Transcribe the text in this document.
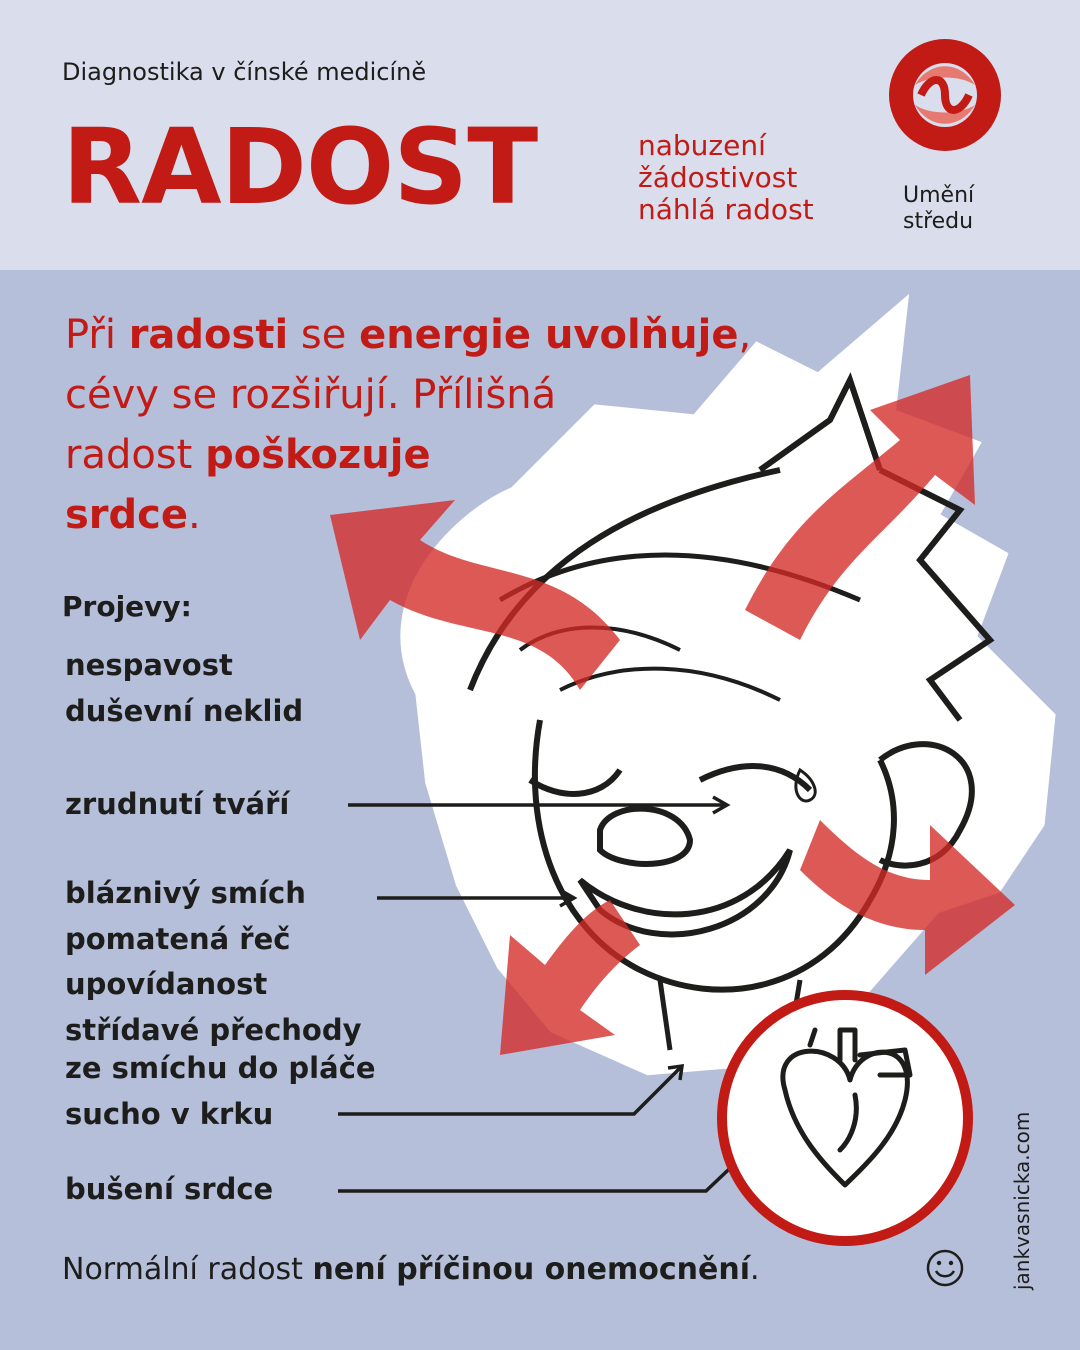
Diagnostika v čínské medicíně
RADOST	nabuzení
žádostivost
náhlá radost	Umění
středu
Při radosti se energie uvolňuje,
cévy se rozšiřují. Přílišná
radost poškozuje
srdce.
Projevy:
nespavost
duševní neklid
zrudnutí tváří
bláznivý smích
pomatená řeč
upovídanost
střídavé přechody
ze smíchu do pláče
sucho v krku
bušení srdce
Normální radost není příčinou onemocnění.	jankvasnicka.com
